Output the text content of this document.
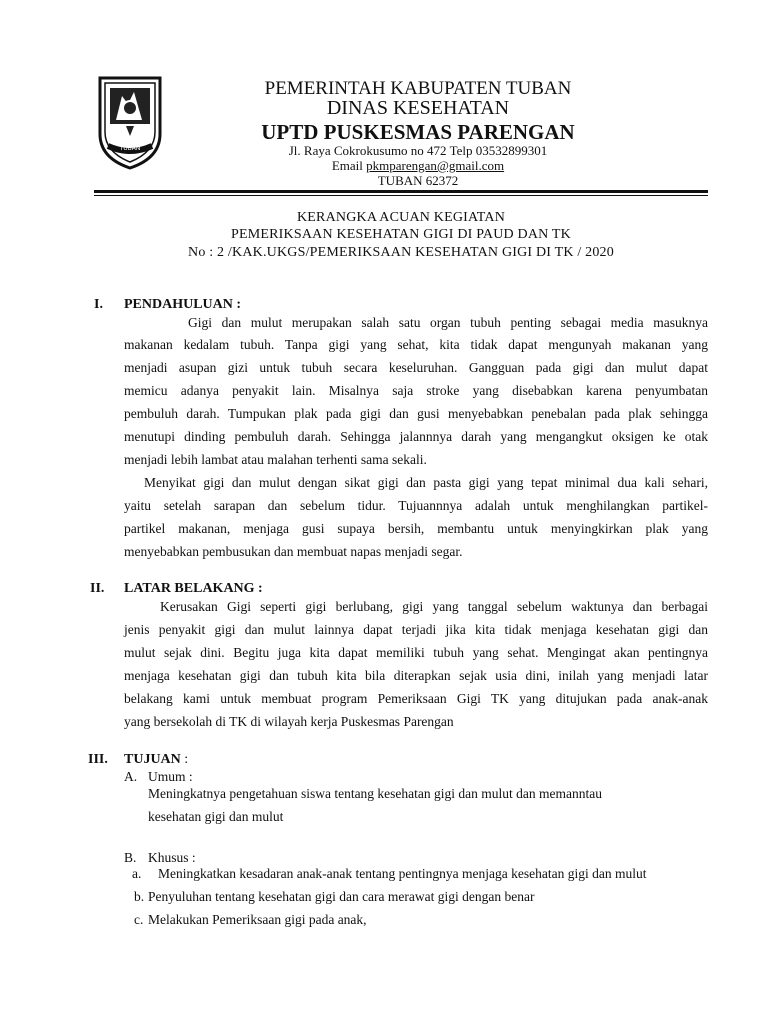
TUBAN
PEMERINTAH KABUPATEN TUBAN
DINAS KESEHATAN
UPTD PUSKESMAS PARENGAN
Jl. Raya Cokrokusumo no 472 Telp 03532899301
Email pkmparengan@gmail.com
TUBAN 62372
KERANGKA ACUAN KEGIATAN
PEMERIKSAAN KESEHATAN GIGI DI PAUD DAN TK
No : 2 /KAK.UKGS/PEMERIKSAAN KESEHATAN GIGI DI TK / 2020
I. PENDAHULUAN :
Gigi dan mulut merupakan salah satu organ tubuh penting sebagai media masuknya
makanan kedalam tubuh. Tanpa gigi yang sehat, kita tidak dapat mengunyah makanan yang
menjadi asupan gizi untuk tubuh secara keseluruhan. Gangguan pada gigi dan mulut dapat
memicu adanya penyakit lain. Misalnya saja stroke yang disebabkan karena penyumbatan
pembuluh darah. Tumpukan plak pada gigi dan gusi menyebabkan penebalan pada plak sehingga
menutupi dinding pembuluh darah. Sehingga jalannnya darah yang mengangkut oksigen ke otak
menjadi lebih lambat atau malahan terhenti sama sekali.
Menyikat gigi dan mulut dengan sikat gigi dan pasta gigi yang tepat minimal dua kali sehari,
yaitu setelah sarapan dan sebelum tidur. Tujuannnya adalah untuk menghilangkan partikel-
partikel makanan, menjaga gusi supaya bersih, membantu untuk menyingkirkan plak yang
menyebabkan pembusukan dan membuat napas menjadi segar.
II. LATAR BELAKANG :
Kerusakan Gigi seperti gigi berlubang, gigi yang tanggal sebelum waktunya dan berbagai
jenis penyakit gigi dan mulut lainnya dapat terjadi jika kita tidak menjaga kesehatan gigi dan
mulut sejak dini. Begitu juga kita dapat memiliki tubuh yang sehat. Mengingat akan pentingnya
menjaga kesehatan gigi dan tubuh kita bila diterapkan sejak usia dini, inilah yang menjadi latar
belakang kami untuk membuat program Pemeriksaan Gigi TK yang ditujukan pada anak-anak
yang bersekolah di TK di wilayah kerja Puskesmas Parengan
III. TUJUAN :
A. Umum :
Meningkatnya pengetahuan siswa tentang kesehatan gigi dan mulut dan memanntau
kesehatan gigi dan mulut
B. Khusus :
a. Meningkatkan kesadaran anak-anak tentang pentingnya menjaga kesehatan gigi dan mulut
b. Penyuluhan tentang kesehatan gigi dan cara merawat gigi dengan benar
c. Melakukan Pemeriksaan gigi pada anak,
